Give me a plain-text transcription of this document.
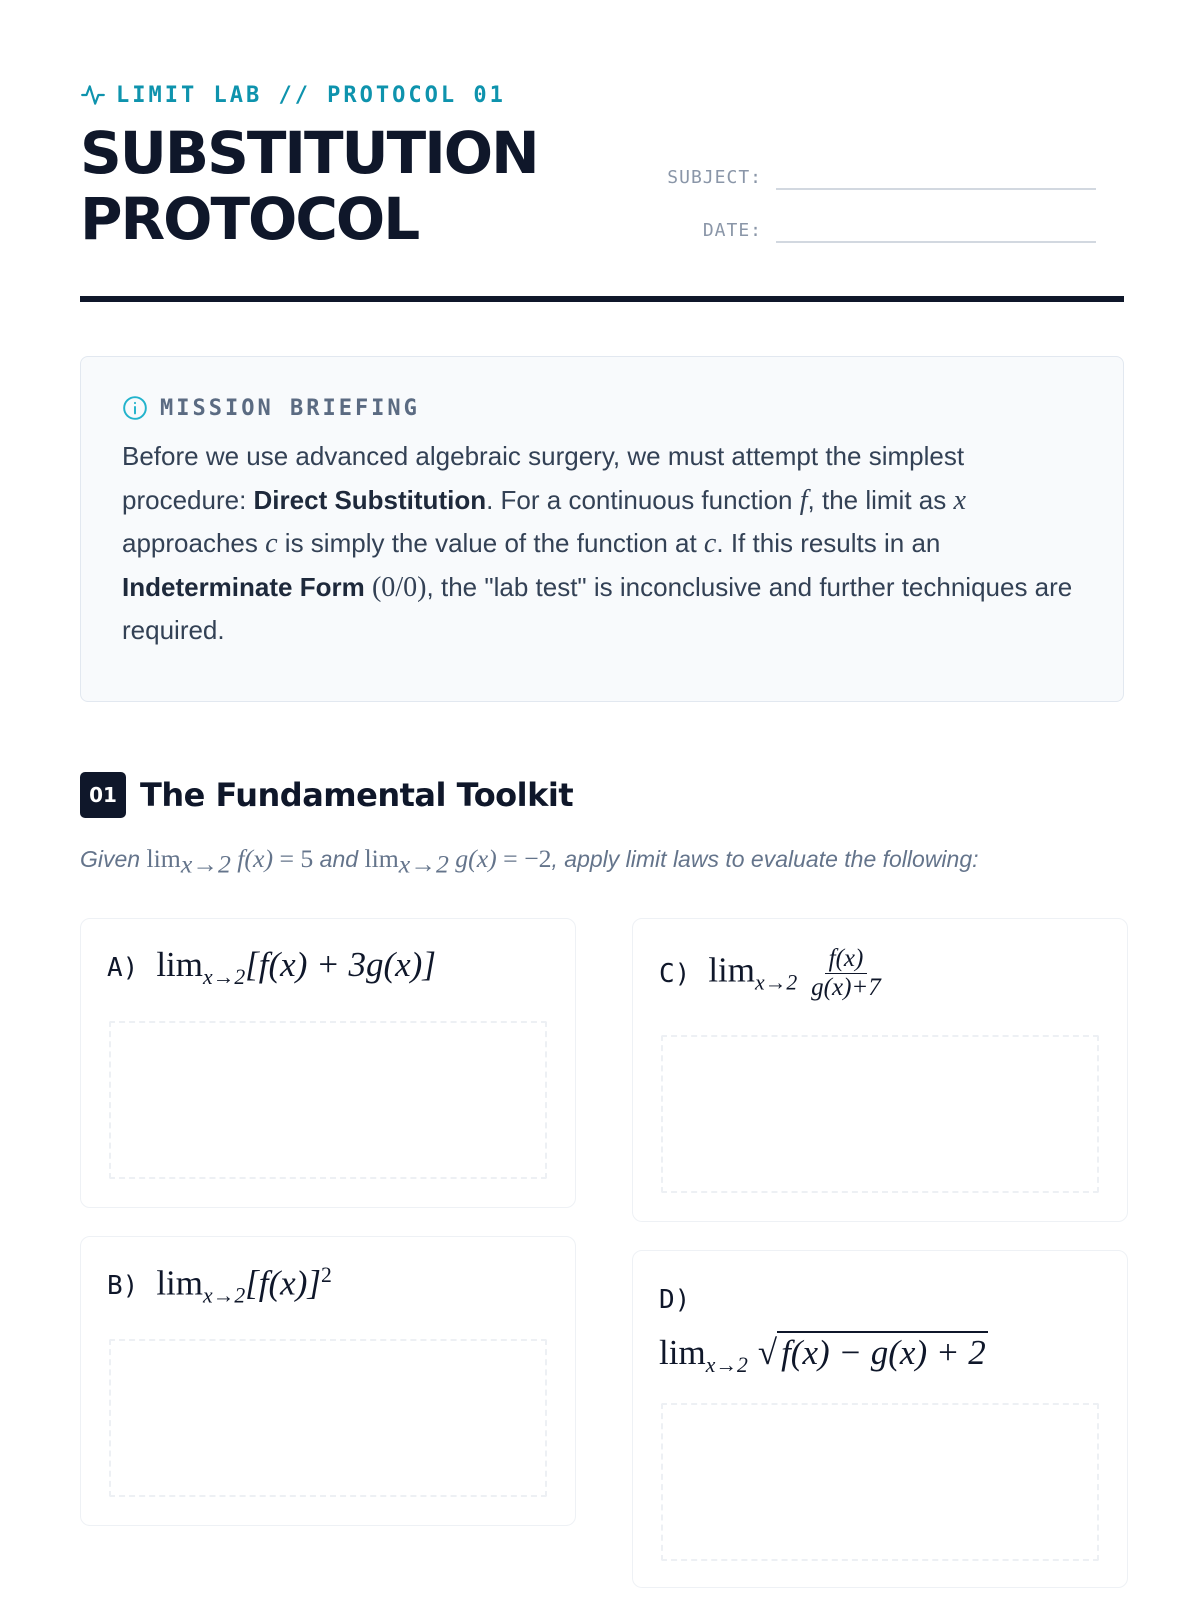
LIMIT LAB // PROTOCOL 01
SUBSTITUTION
PROTOCOL
SUBJECT:
DATE:
MISSION BRIEFING

Before we use advanced algebraic surgery, we must attempt the simplest procedure: Direct Substitution. For a continuous function f, the limit as x approaches c is simply the value of the function at c. If this results in an Indeterminate Form (0/0), the "lab test" is inconclusive and further techniques are required.

01 The Fundamental Toolkit
Given $\lim_{x\to 2} f(x) = 5$ and $\lim_{x\to 2} g(x) = -2$, apply limit laws to evaluate the following:
A) $\lim_{x\to 2}[f(x) + 3g(x)]$	C) $\lim_{x\to 2} \frac{f(x)}{g(x)+7}$
B) $\lim_{x\to 2}[f(x)]^2$
D)
$\lim_{x\to 2}$ √ f(x) − g(x) + 2
